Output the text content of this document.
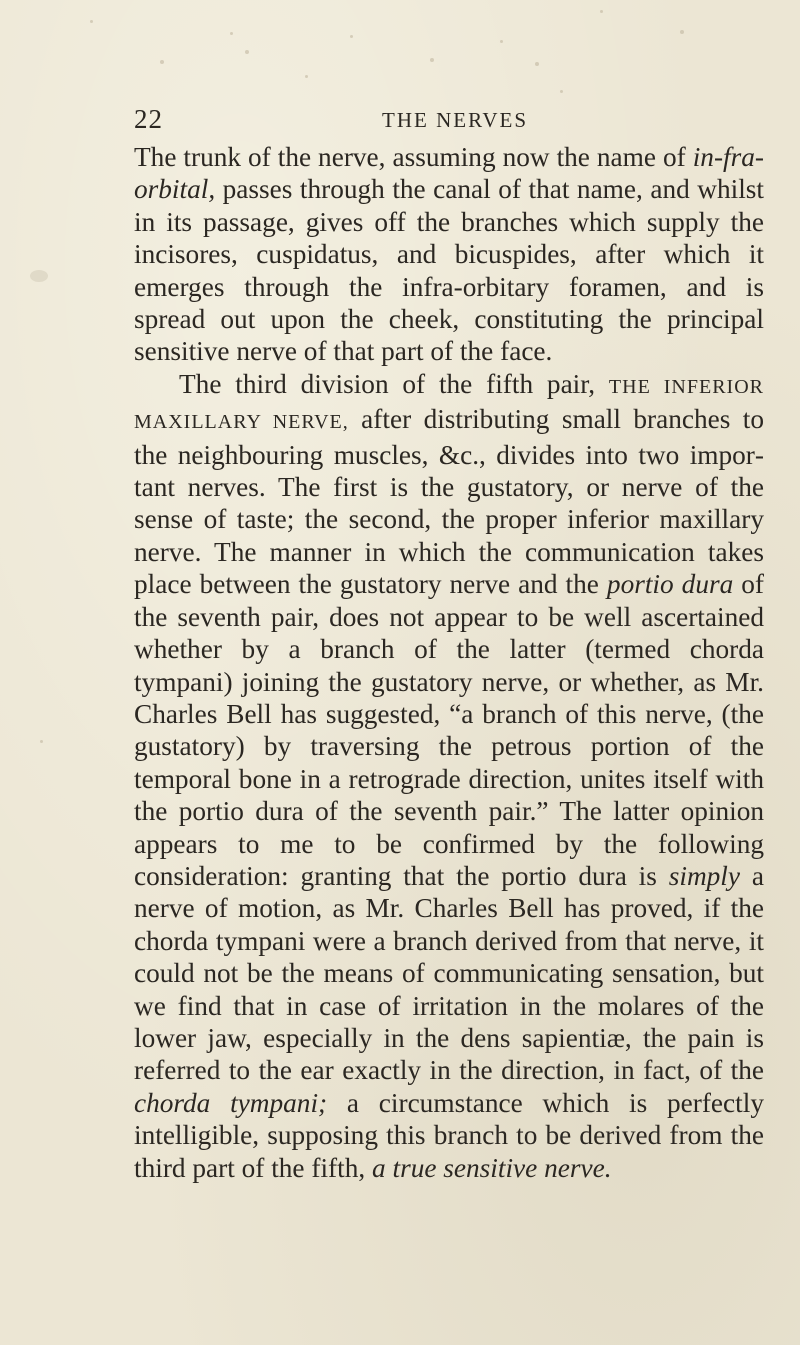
22	THE NERVES

The trunk of the nerve, assuming now the name of in-fra-orbital, passes through the canal of that name, and whilst in its passage, gives off the branches which supply the incisores, cuspidatus, and bicuspides, after which it emerges through the infra-orbitary foramen, and is spread out upon the cheek, constituting the principal sensitive nerve of that part of the face.

The third division of the fifth pair, THE INFERIOR MAXILLARY NERVE, after distributing small branches to the neighbouring muscles, &c., divides into two important nerves. The first is the gustatory, or nerve of the sense of taste; the second, the proper inferior maxillary nerve. The manner in which the communication takes place between the gustatory nerve and the portio dura of the seventh pair, does not appear to be well ascertained whether by a branch of the latter (termed chorda tympani) joining the gustatory nerve, or whether, as Mr. Charles Bell has suggested, “a branch of this nerve, (the gustatory) by traversing the petrous portion of the temporal bone in a retrograde direction, unites itself with the portio dura of the seventh pair.” The latter opinion appears to me to be confirmed by the following consideration: granting that the portio dura is simply a nerve of motion, as Mr. Charles Bell has proved, if the chorda tympani were a branch derived from that nerve, it could not be the means of communicating sensation, but we find that in case of irritation in the molares of the lower jaw, especially in the dens sapientiæ, the pain is referred to the ear exactly in the direction, in fact, of the chorda tympani; a circumstance which is perfectly intelligible, supposing this branch to be derived from the third part of the fifth, a true sensitive nerve.
